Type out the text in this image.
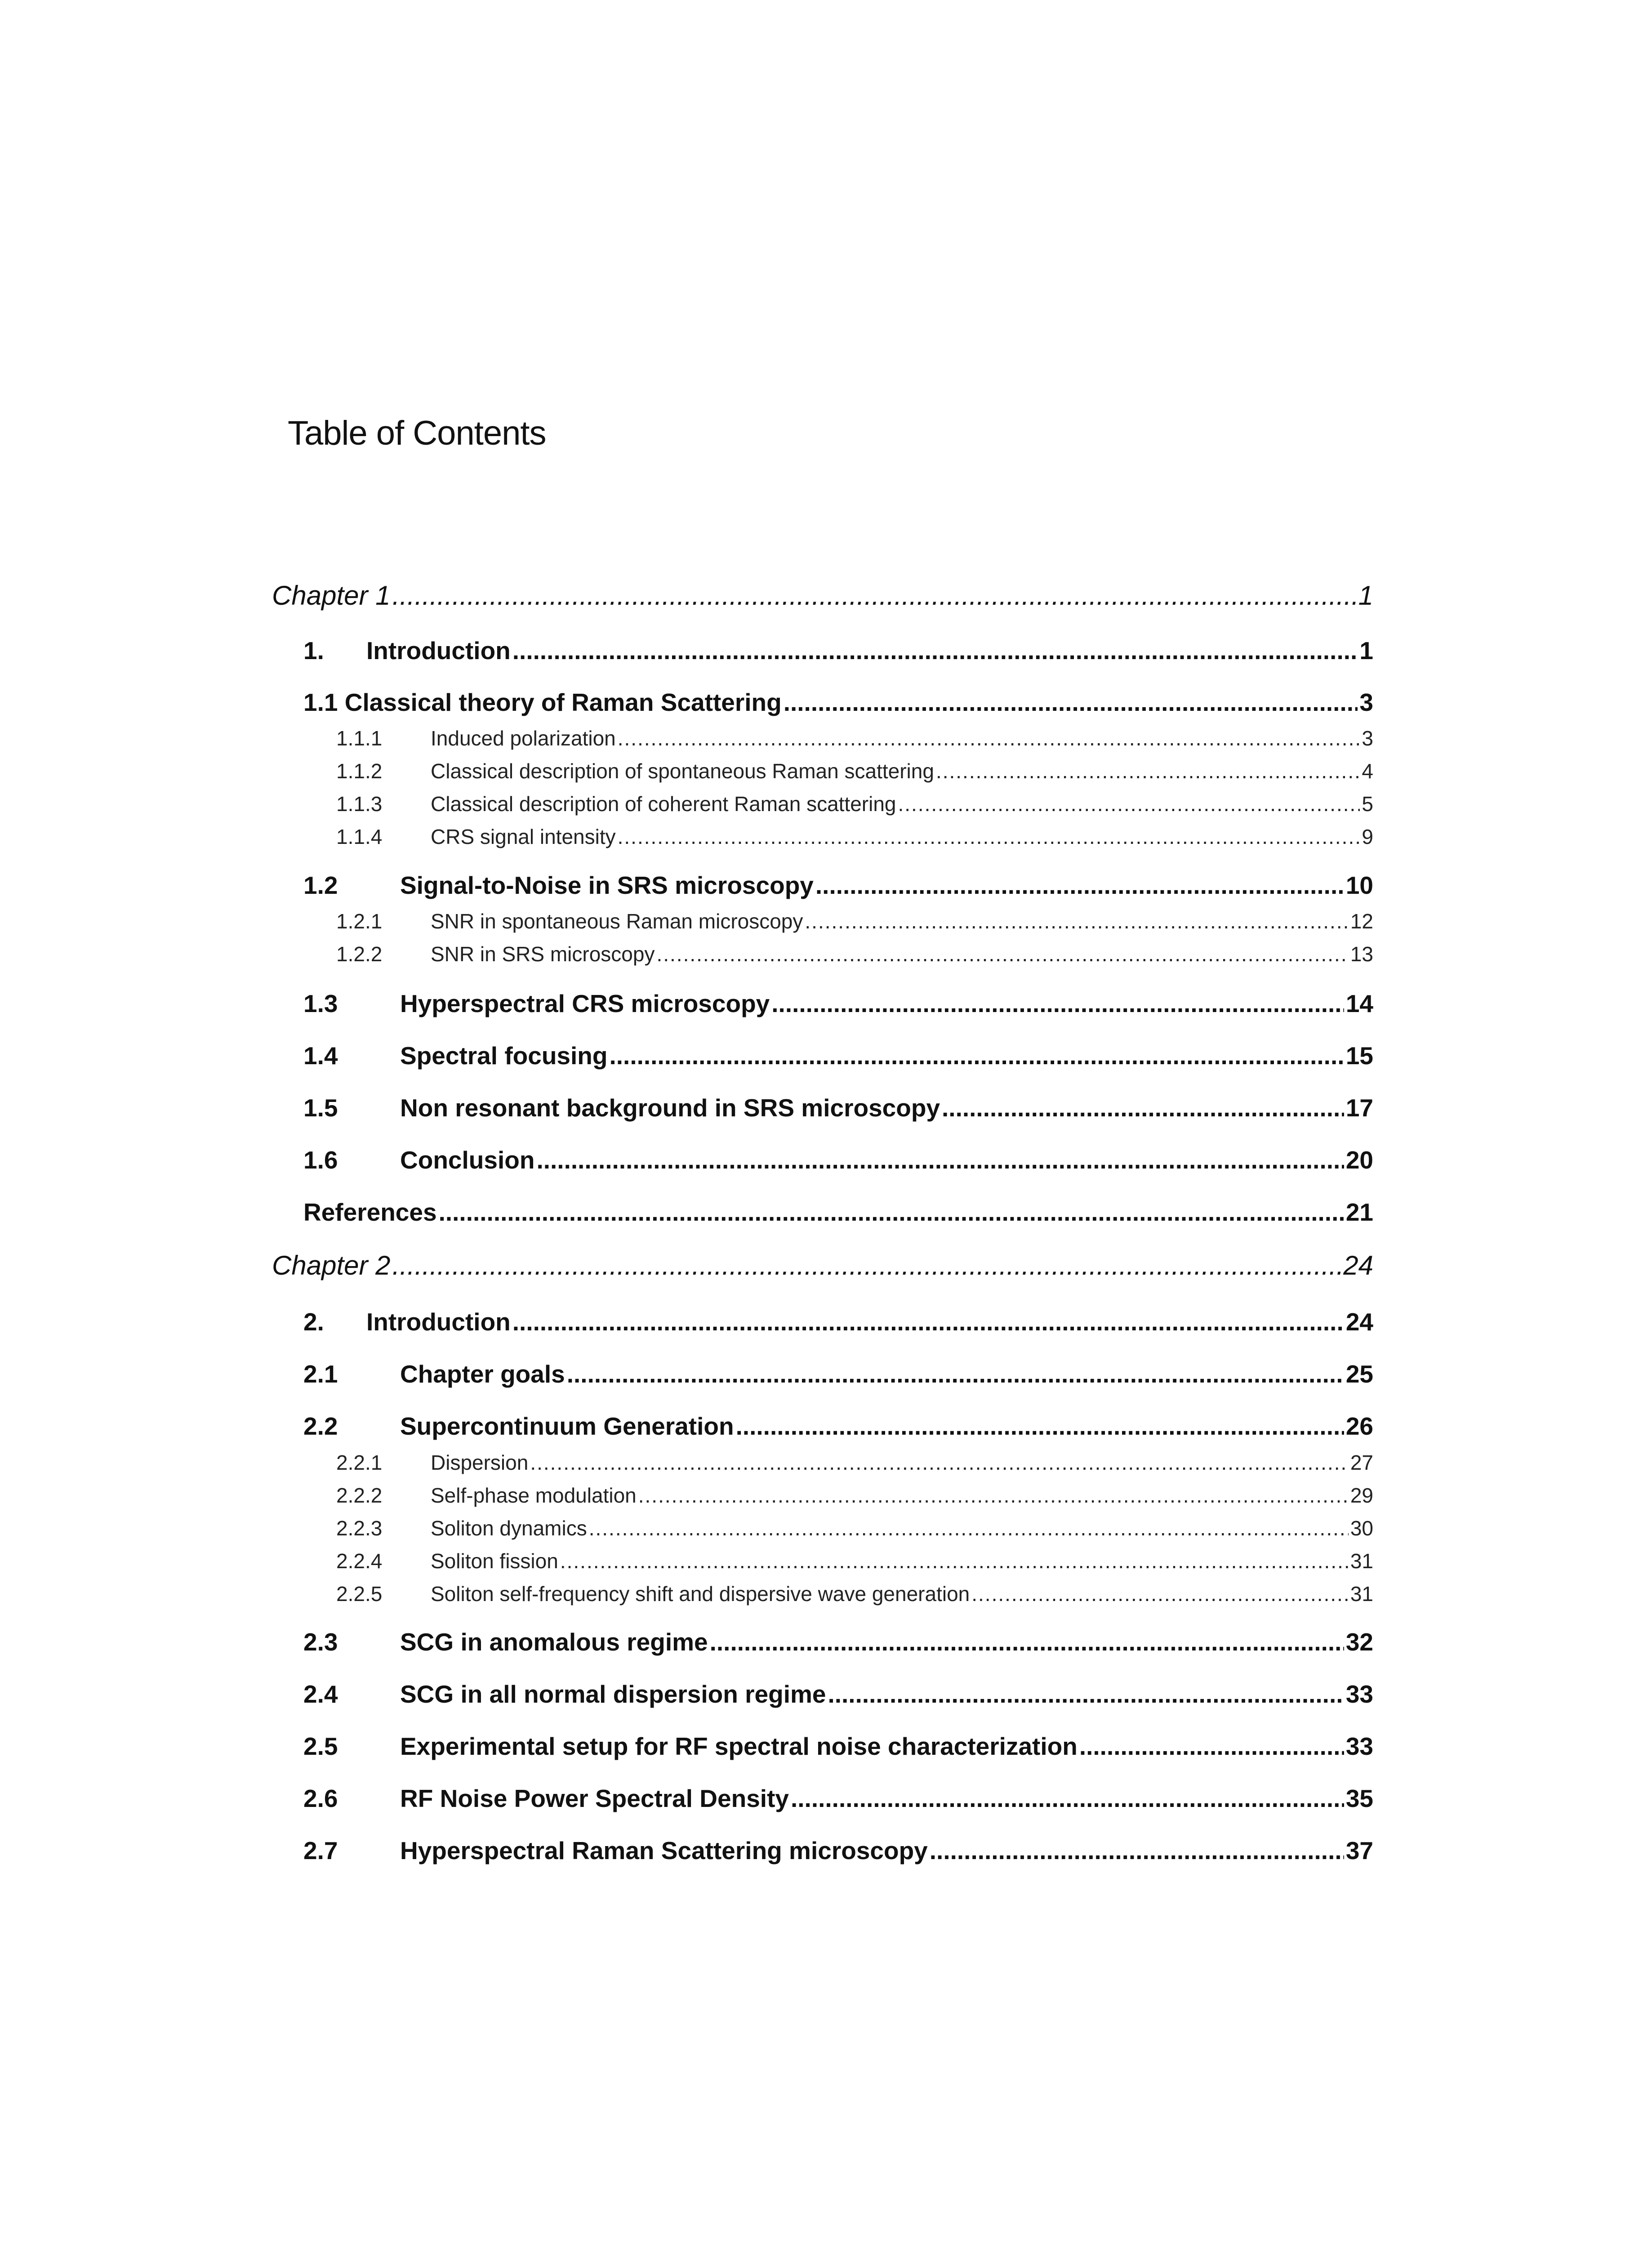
Table of Contents
Chapter 1 .....	1
1.	Introduction .....	1
1.1 Classical theory of Raman Scattering .....	3
1.1.1	Induced polarization .....	3
1.1.2	Classical description of spontaneous Raman scattering .....	4
1.1.3	Classical description of coherent Raman scattering .....	5
1.1.4	CRS signal intensity .....	9
1.2	Signal-to-Noise in SRS microscopy .....	10
1.2.1	SNR in spontaneous Raman microscopy .....	12
1.2.2	SNR in SRS microscopy .....	13
1.3	Hyperspectral CRS microscopy .....	14
1.4	Spectral focusing .....	15
1.5	Non resonant background in SRS microscopy .....	17
1.6	Conclusion .....	20
References .....	21
Chapter 2 .....	24
2.	Introduction .....	24
2.1	Chapter goals .....	25
2.2	Supercontinuum Generation .....	26
2.2.1	Dispersion .....	27
2.2.2	Self-phase modulation .....	29
2.2.3	Soliton dynamics .....	30
2.2.4	Soliton fission .....	31
2.2.5	Soliton self-frequency shift and dispersive wave generation .....	31
2.3	SCG in anomalous regime .....	32
2.4	SCG in all normal dispersion regime .....	33
2.5	Experimental setup for RF spectral noise characterization .....	33
2.6	RF Noise Power Spectral Density .....	35
2.7	Hyperspectral Raman Scattering microscopy .....	37
